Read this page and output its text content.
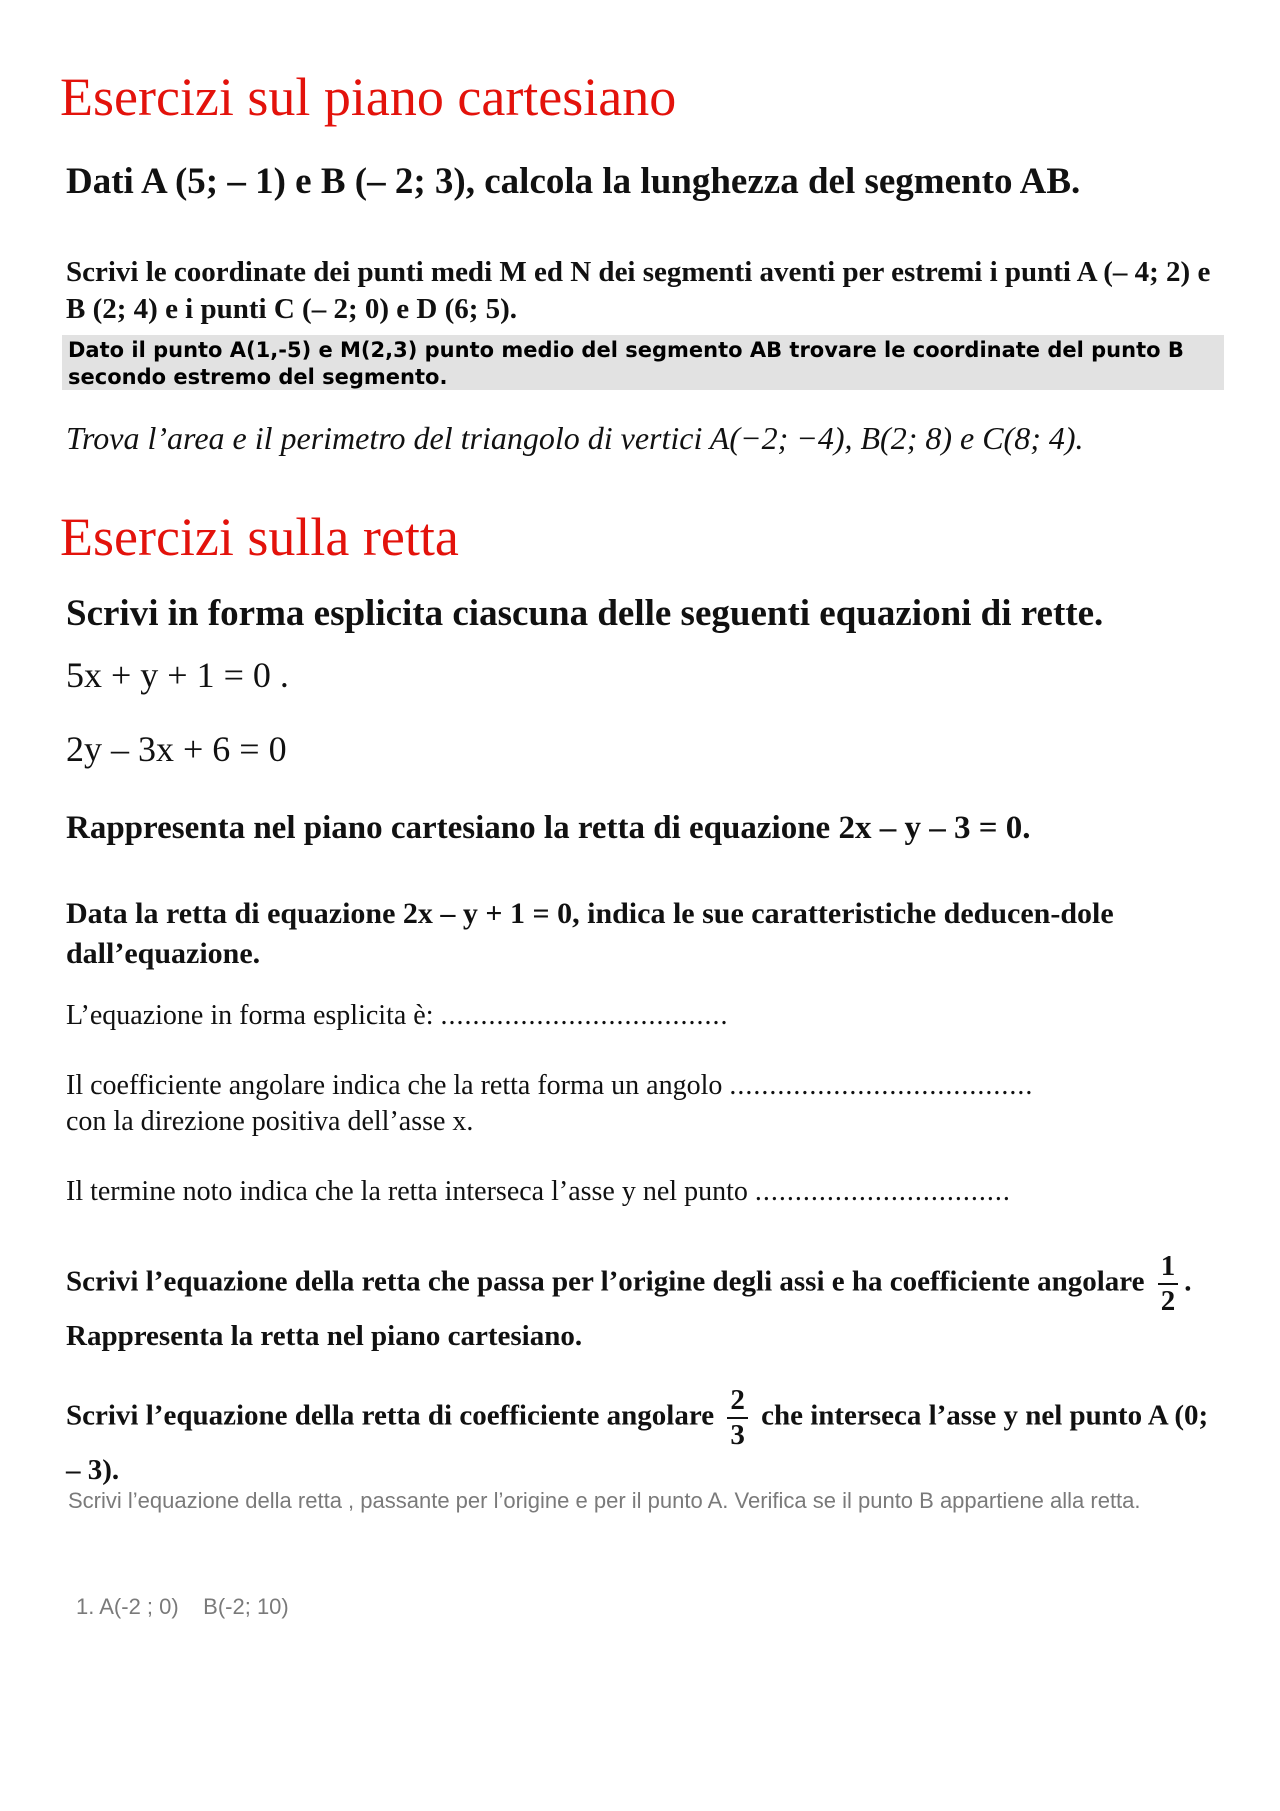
Esercizi sul piano cartesiano

Dati A (5; – 1) e B (– 2; 3), calcola la lunghezza del segmento AB.

Scrivi le coordinate dei punti medi M ed N dei segmenti aventi per estremi i punti A (– 4; 2) e B (2; 4) e i punti C (– 2; 0) e D (6; 5).

Dato il punto A(1,-5) e M(2,3) punto medio del segmento AB trovare le coordinate del punto B secondo estremo del segmento.

Trova l’area e il perimetro del triangolo di vertici A(−2; −4), B(2; 8) e C(8; 4).

Esercizi sulla retta

Scrivi in forma esplicita ciascuna delle seguenti equazioni di rette.

5x + y + 1 = 0 .

2y – 3x + 6 = 0

Rappresenta nel piano cartesiano la retta di equazione 2x – y – 3 = 0.

Data la retta di equazione 2x – y + 1 = 0, indica le sue caratteristiche deducen-dole dall’equazione.

L’equazione in forma esplicita è: ....................................

Il coefficiente angolare indica che la retta forma un angolo ......................................
con la direzione positiva dell’asse x.

Il termine noto indica che la retta interseca l’asse y nel punto ................................

Scrivi l’equazione della retta che passa per l’origine degli assi e ha coefficiente angolare $\frac{1}{2}$ . Rappresenta la retta nel piano cartesiano.

Scrivi l’equazione della retta di coefficiente angolare $\frac{2}{3}$ che interseca l’asse y nel punto A (0; – 3).

Scrivi l’equazione della retta , passante per l’origine e per il punto A. Verifica se il punto B appartiene alla retta.

1. A(-2 ; 0)    B(-2; 10)
